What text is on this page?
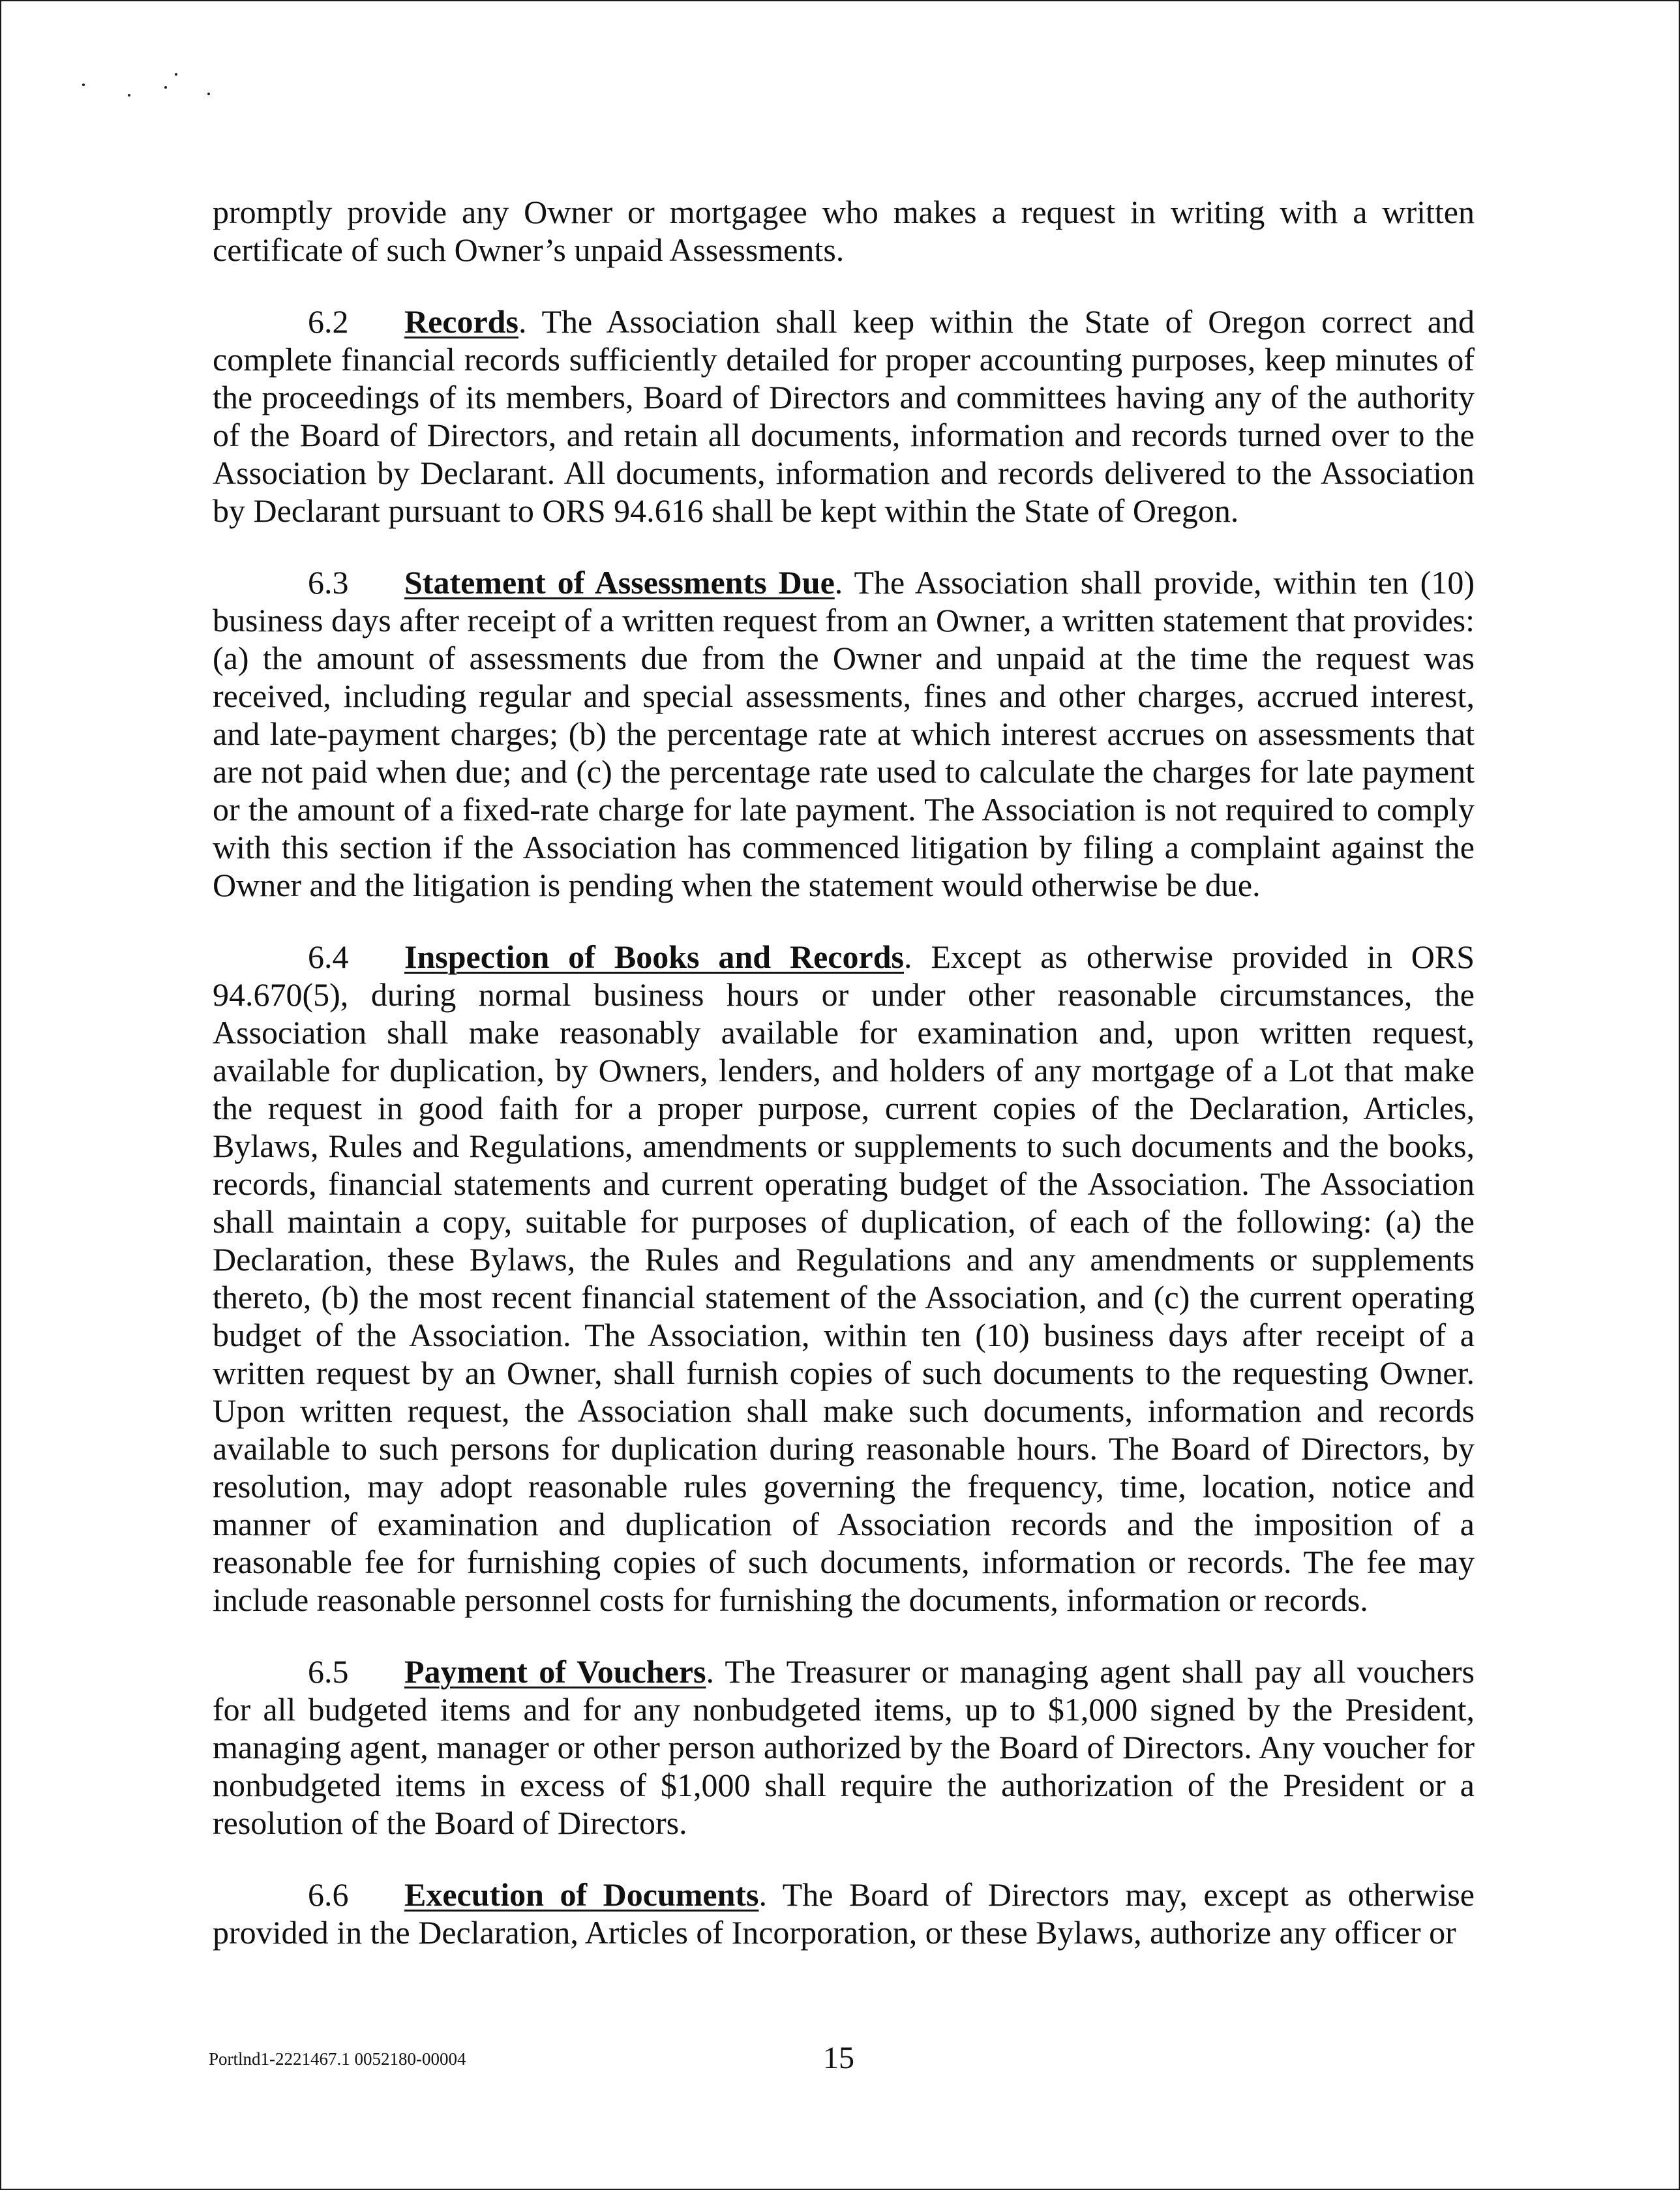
promptly provide any Owner or mortgagee who makes a request in writing with a written certificate of such Owner’s unpaid Assessments.

6.2 Records. The Association shall keep within the State of Oregon correct and complete financial records sufficiently detailed for proper accounting purposes, keep minutes of the proceedings of its members, Board of Directors and committees having any of the authority of the Board of Directors, and retain all documents, information and records turned over to the Association by Declarant. All documents, information and records delivered to the Association by Declarant pursuant to ORS 94.616 shall be kept within the State of Oregon.

6.3 Statement of Assessments Due. The Association shall provide, within ten (10) business days after receipt of a written request from an Owner, a written statement that provides: (a) the amount of assessments due from the Owner and unpaid at the time the request was received, including regular and special assessments, fines and other charges, accrued interest, and late-payment charges; (b) the percentage rate at which interest accrues on assessments that are not paid when due; and (c) the percentage rate used to calculate the charges for late payment or the amount of a fixed-rate charge for late payment. The Association is not required to comply with this section if the Association has commenced litigation by filing a complaint against the Owner and the litigation is pending when the statement would otherwise be due.

6.4 Inspection of Books and Records. Except as otherwise provided in ORS 94.670(5), during normal business hours or under other reasonable circumstances, the Association shall make reasonably available for examination and, upon written request, available for duplication, by Owners, lenders, and holders of any mortgage of a Lot that make the request in good faith for a proper purpose, current copies of the Declaration, Articles, Bylaws, Rules and Regulations, amendments or supplements to such documents and the books, records, financial statements and current operating budget of the Association. The Association shall maintain a copy, suitable for purposes of duplication, of each of the following: (a) the Declaration, these Bylaws, the Rules and Regulations and any amendments or supplements thereto, (b) the most recent financial statement of the Association, and (c) the current operating budget of the Association. The Association, within ten (10) business days after receipt of a written request by an Owner, shall furnish copies of such documents to the requesting Owner. Upon written request, the Association shall make such documents, information and records available to such persons for duplication during reasonable hours. The Board of Directors, by resolution, may adopt reasonable rules governing the frequency, time, location, notice and manner of examination and duplication of Association records and the imposition of a reasonable fee for furnishing copies of such documents, information or records. The fee may include reasonable personnel costs for furnishing the documents, information or records.

6.5 Payment of Vouchers. The Treasurer or managing agent shall pay all vouchers for all budgeted items and for any nonbudgeted items, up to $1,000 signed by the President, managing agent, manager or other person authorized by the Board of Directors. Any voucher for nonbudgeted items in excess of $1,000 shall require the authorization of the President or a resolution of the Board of Directors.

6.6 Execution of Documents. The Board of Directors may, except as otherwise provided in the Declaration, Articles of Incorporation, or these Bylaws, authorize any officer or

Portlnd1-2221467.1 0052180-00004	15
